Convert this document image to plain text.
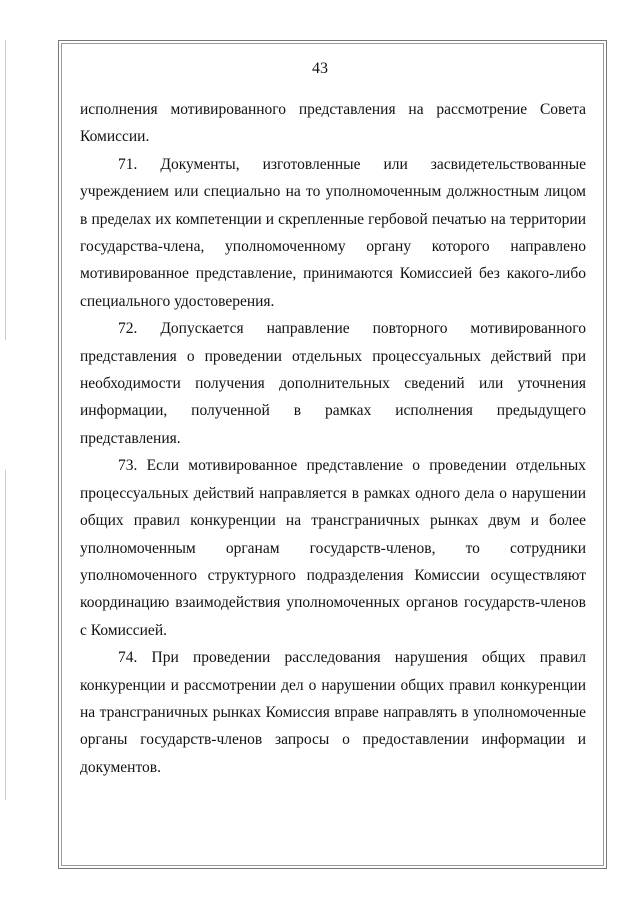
43

исполнения мотивированного представления на рассмотрение Совета Комиссии.

71. Документы, изготовленные или засвидетельствованные учреждением или специально на то уполномоченным должностным лицом в пределах их компетенции и скрепленные гербовой печатью на территории государства-члена, уполномоченному органу которого направлено мотивированное представление, принимаются Комиссией без какого-либо специального удостоверения.

72. Допускается направление повторного мотивированного представления о проведении отдельных процессуальных действий при необходимости получения дополнительных сведений или уточнения информации, полученной в рамках исполнения предыдущего представления.

73. Если мотивированное представление о проведении отдельных процессуальных действий направляется в рамках одного дела о нарушении общих правил конкуренции на трансграничных рынках двум и более уполномоченным органам государств-членов, то сотрудники уполномоченного структурного подразделения Комиссии осуществляют координацию взаимодействия уполномоченных органов государств-членов с Комиссией.

74. При проведении расследования нарушения общих правил конкуренции и рассмотрении дел о нарушении общих правил конкуренции на трансграничных рынках Комиссия вправе направлять в уполномоченные органы государств-членов запросы о предоставлении информации и документов.
